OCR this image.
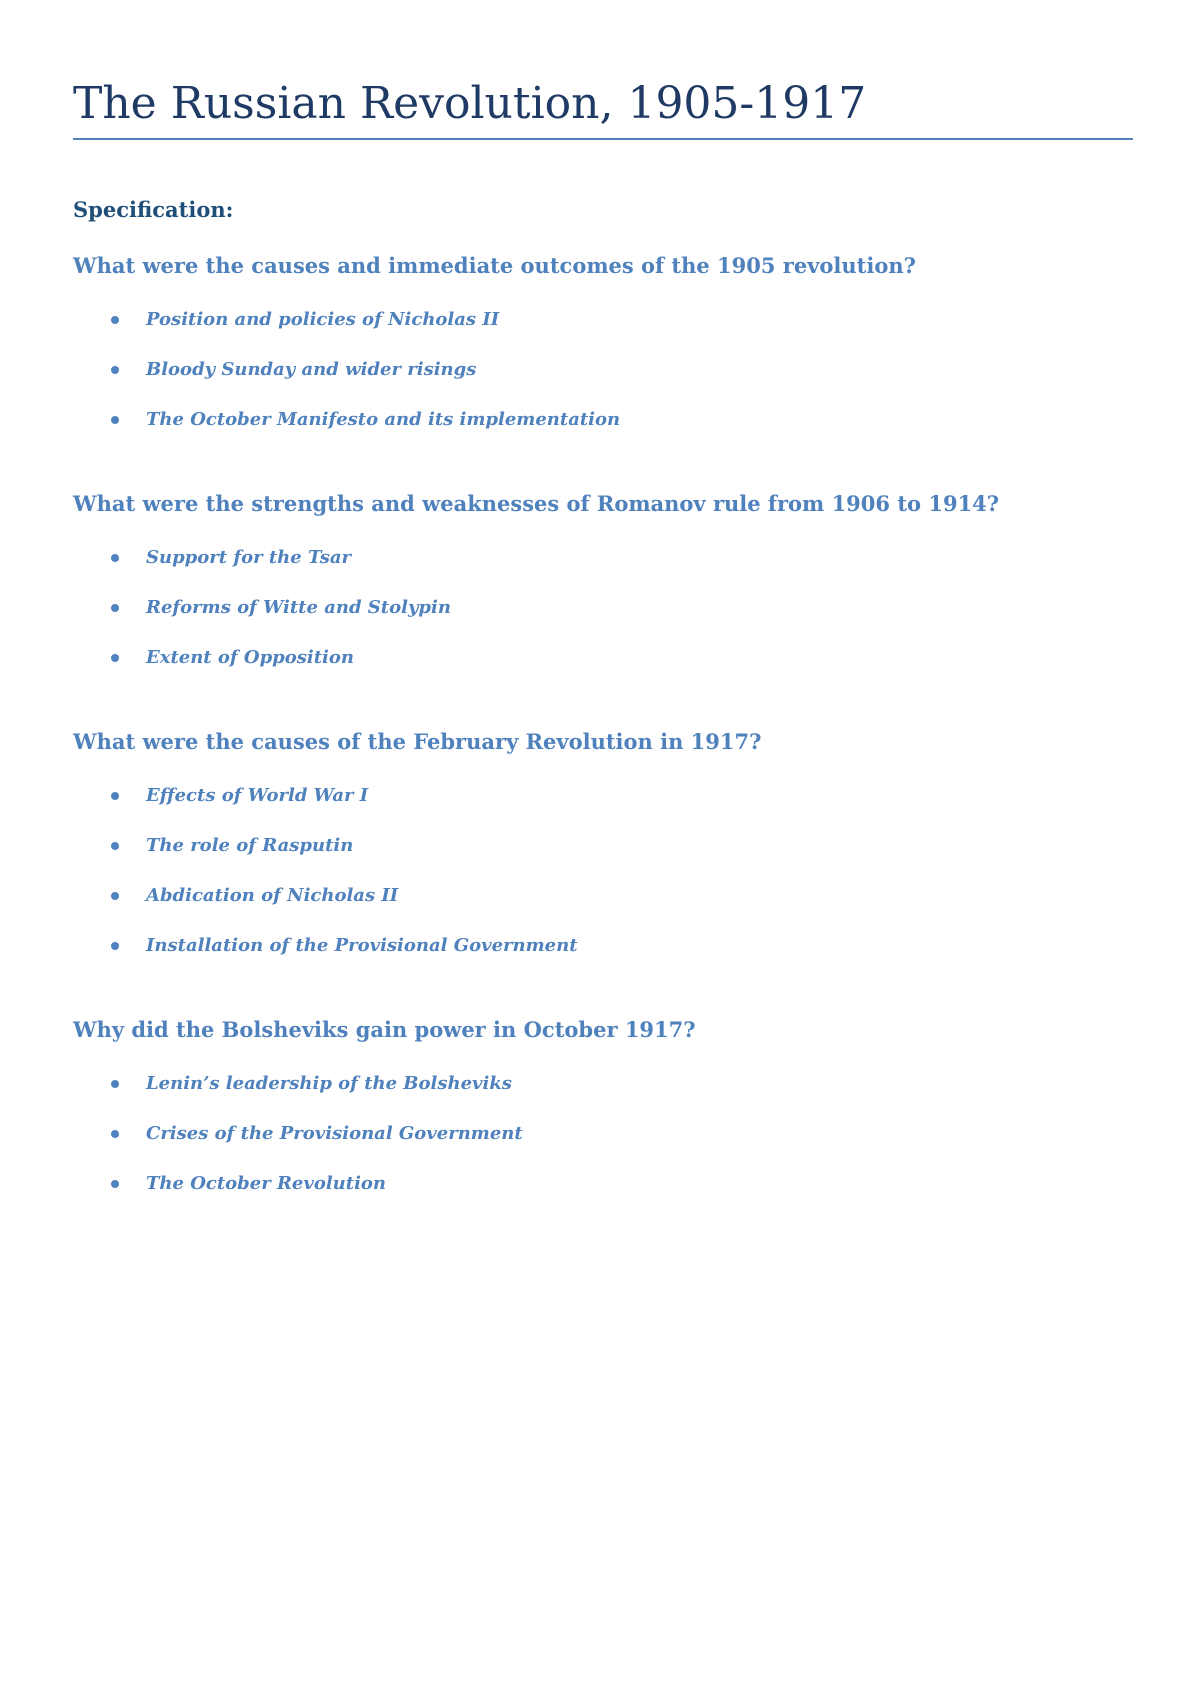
The Russian Revolution, 1905-1917

Specification:

What were the causes and immediate outcomes of the 1905 revolution?
Position and policies of Nicholas II
Bloody Sunday and wider risings
The October Manifesto and its implementation
What were the strengths and weaknesses of Romanov rule from 1906 to 1914?
Support for the Tsar
Reforms of Witte and Stolypin
Extent of Opposition
What were the causes of the February Revolution in 1917?
Effects of World War I
The role of Rasputin
Abdication of Nicholas II
Installation of the Provisional Government
Why did the Bolsheviks gain power in October 1917?
Lenin’s leadership of the Bolsheviks
Crises of the Provisional Government
The October Revolution
